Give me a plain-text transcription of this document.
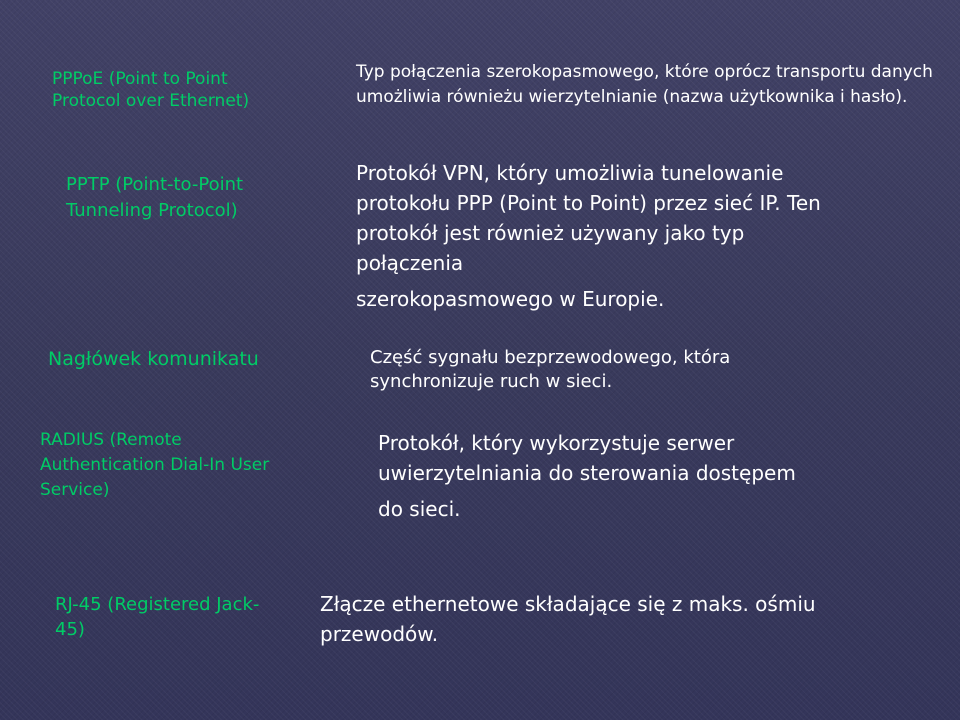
PPPoE (Point to Point Protocol over Ethernet)

Typ połączenia szerokopasmowego, które oprócz transportu danych umożliwia równieżu wierzytelnianie (nazwa użytkownika i hasło).

PPTP (Point-to-Point Tunneling Protocol)

Protokół VPN, który umożliwia tunelowanie protokołu PPP (Point to Point) przez sieć IP. Ten protokół jest również używany jako typ połączenia
szerokopasmowego w Europie.

Nagłówek komunikatu	Część sygnału bezprzewodowego, która synchronizuje ruch w sieci.

RADIUS (Remote Authentication Dial-In User Service)

Protokół, który wykorzystuje serwer uwierzytelniania do sterowania dostępem
do sieci.

RJ-45 (Registered Jack-45)

Złącze ethernetowe składające się z maks. ośmiu przewodów.
